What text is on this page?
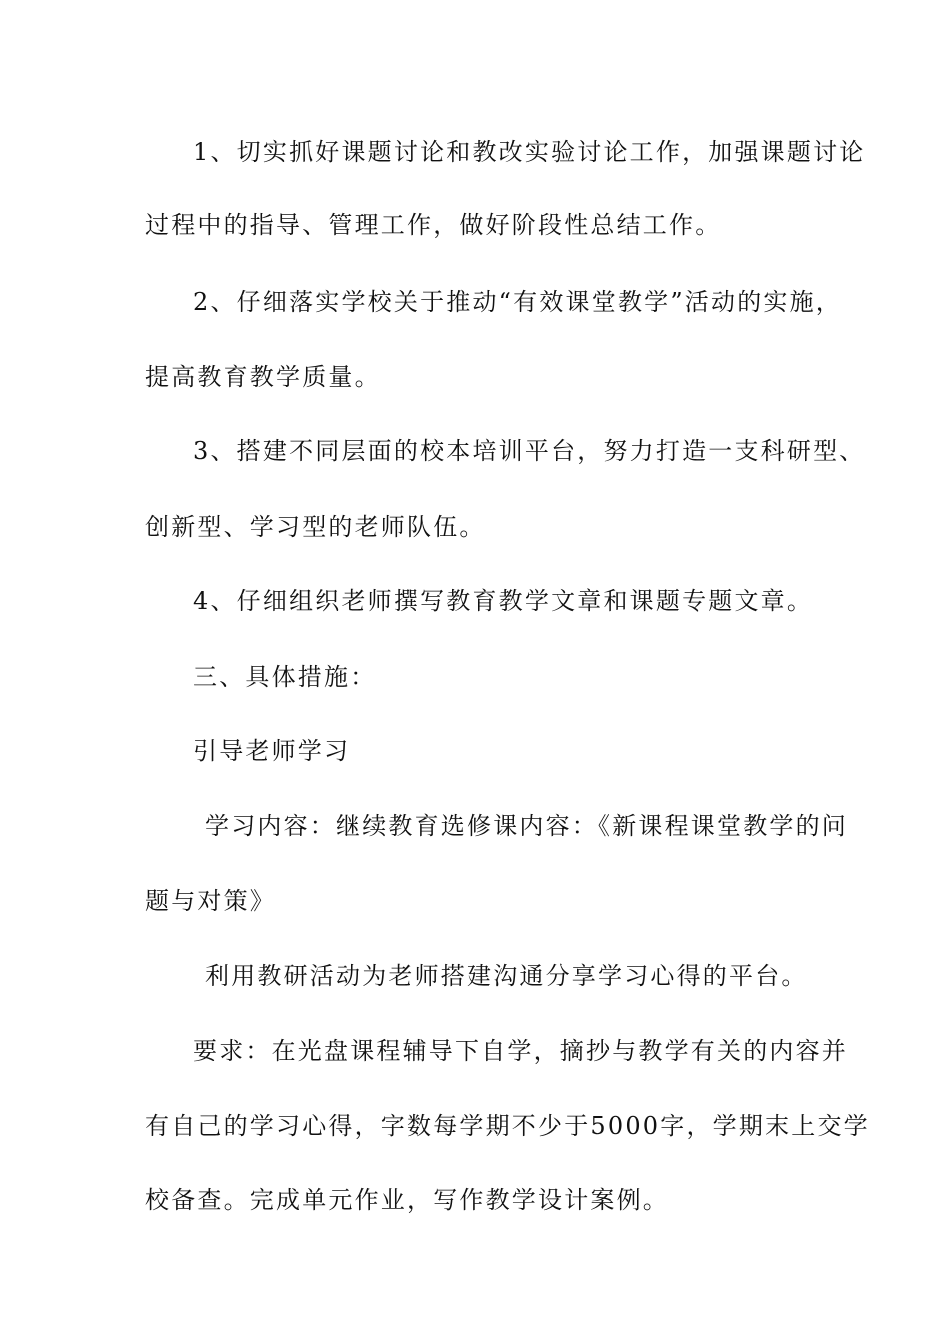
1、切实抓好课题讨论和教改实验讨论工作，加强课题讨论
过程中的指导、管理工作，做好阶段性总结工作。
2、仔细落实学校关于推动“有效课堂教学”活动的实施，
提高教育教学质量。
3、搭建不同层面的校本培训平台，努力打造一支科研型、
创新型、学习型的老师队伍。
4、仔细组织老师撰写教育教学文章和课题专题文章。
三、具体措施：
引导老师学习
学习内容：继续教育选修课内容：《新课程课堂教学的问
题与对策》
利用教研活动为老师搭建沟通分享学习心得的平台。
要求：在光盘课程辅导下自学，摘抄与教学有关的内容并
有自己的学习心得，字数每学期不少于5000字，学期末上交学
校备查。完成单元作业，写作教学设计案例。
